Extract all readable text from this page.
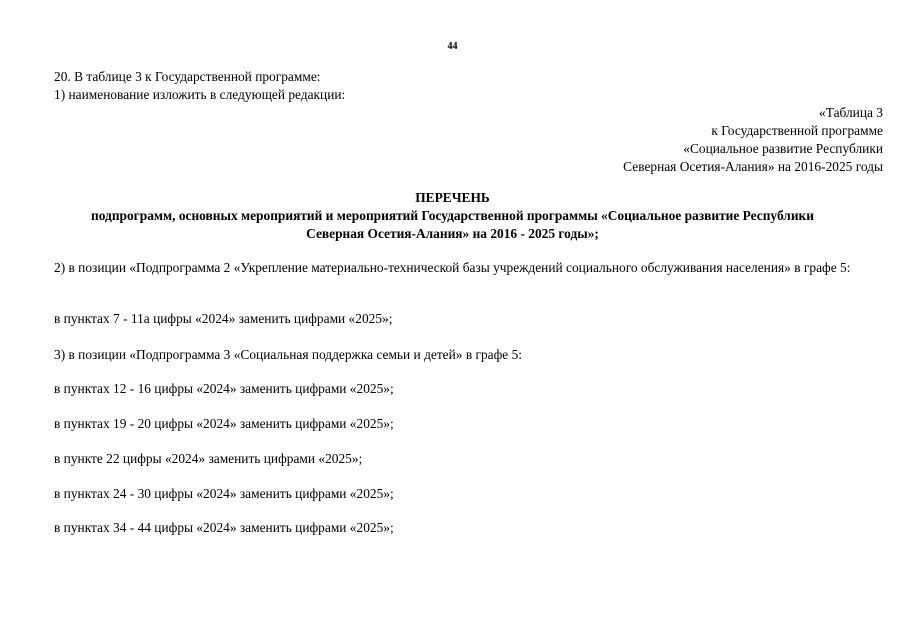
44
20. В таблице 3 к Государственной программе:
1) наименование изложить в следующей редакции:
«Таблица 3
к Государственной программе
«Социальное развитие Республики
Северная Осетия-Алания» на 2016-2025 годы
ПЕРЕЧЕНЬ
подпрограмм, основных мероприятий и мероприятий Государственной программы «Социальное развитие Республики
Северная Осетия-Алания» на 2016 - 2025 годы»;
2) в позиции «Подпрограмма 2 «Укрепление материально-технической базы учреждений социального обслуживания населения» в графе 5:
в пунктах 7 - 11а цифры «2024» заменить цифрами «2025»;
3) в позиции «Подпрограмма 3 «Социальная поддержка семьи и детей» в графе 5:
в пунктах 12 - 16 цифры «2024» заменить цифрами «2025»;
в пунктах 19 - 20 цифры «2024» заменить цифрами «2025»;
в пункте 22 цифры «2024» заменить цифрами «2025»;
в пунктах 24 - 30 цифры «2024» заменить цифрами «2025»;
в пунктах 34 - 44 цифры «2024» заменить цифрами «2025»;
